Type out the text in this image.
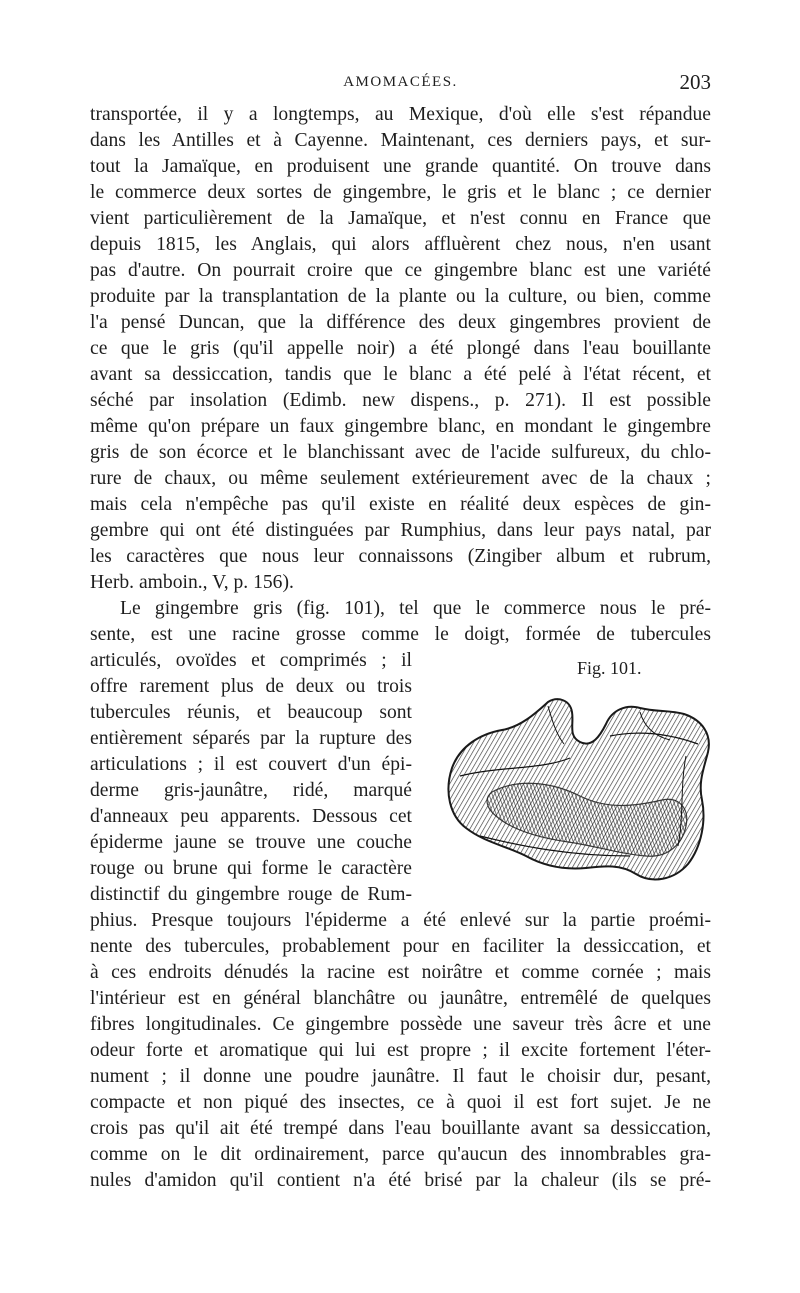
AMOMACÉES.	203
transportée, il y a longtemps, au Mexique, d'où elle s'est répandue
dans les Antilles et à Cayenne. Maintenant, ces derniers pays, et sur-
tout la Jamaïque, en produisent une grande quantité. On trouve dans
le commerce deux sortes de gingembre, le gris et le blanc ; ce dernier
vient particulièrement de la Jamaïque, et n'est connu en France que
depuis 1815, les Anglais, qui alors affluèrent chez nous, n'en usant
pas d'autre. On pourrait croire que ce gingembre blanc est une variété
produite par la transplantation de la plante ou la culture, ou bien, comme
l'a pensé Duncan, que la différence des deux gingembres provient de
ce que le gris (qu'il appelle noir) a été plongé dans l'eau bouillante
avant sa dessiccation, tandis que le blanc a été pelé à l'état récent, et
séché par insolation (Edimb. new dispens., p. 271). Il est possible
même qu'on prépare un faux gingembre blanc, en mondant le gingembre
gris de son écorce et le blanchissant avec de l'acide sulfureux, du chlo-
rure de chaux, ou même seulement extérieurement avec de la chaux ;
mais cela n'empêche pas qu'il existe en réalité deux espèces de gin-
gembre qui ont été distinguées par Rumphius, dans leur pays natal, par
les caractères que nous leur connaissons (Zingiber album et rubrum,
Herb. amboin., V, p. 156).
Le gingembre gris (fig. 101), tel que le commerce nous le pré-
sente, est une racine grosse comme le doigt, formée de tubercules
articulés, ovoïdes et comprimés ; il
offre rarement plus de deux ou trois
tubercules réunis, et beaucoup sont
entièrement séparés par la rupture des
articulations ; il est couvert d'un épi-
derme gris-jaunâtre, ridé, marqué
d'anneaux peu apparents. Dessous cet
épiderme jaune se trouve une couche
rouge ou brune qui forme le caractère
distinctif du gingembre rouge de Rum-
phius. Presque toujours l'épiderme a été enlevé sur la partie proémi-
nente des tubercules, probablement pour en faciliter la dessiccation, et
à ces endroits dénudés la racine est noirâtre et comme cornée ; mais
l'intérieur est en général blanchâtre ou jaunâtre, entremêlé de quelques
fibres longitudinales. Ce gingembre possède une saveur très âcre et une
odeur forte et aromatique qui lui est propre ; il excite fortement l'éter-
nument ; il donne une poudre jaunâtre. Il faut le choisir dur, pesant,
compacte et non piqué des insectes, ce à quoi il est fort sujet. Je ne
crois pas qu'il ait été trempé dans l'eau bouillante avant sa dessiccation,
comme on le dit ordinairement, parce qu'aucun des innombrables gra-
nules d'amidon qu'il contient n'a été brisé par la chaleur (ils se pré-
Fig. 101.
